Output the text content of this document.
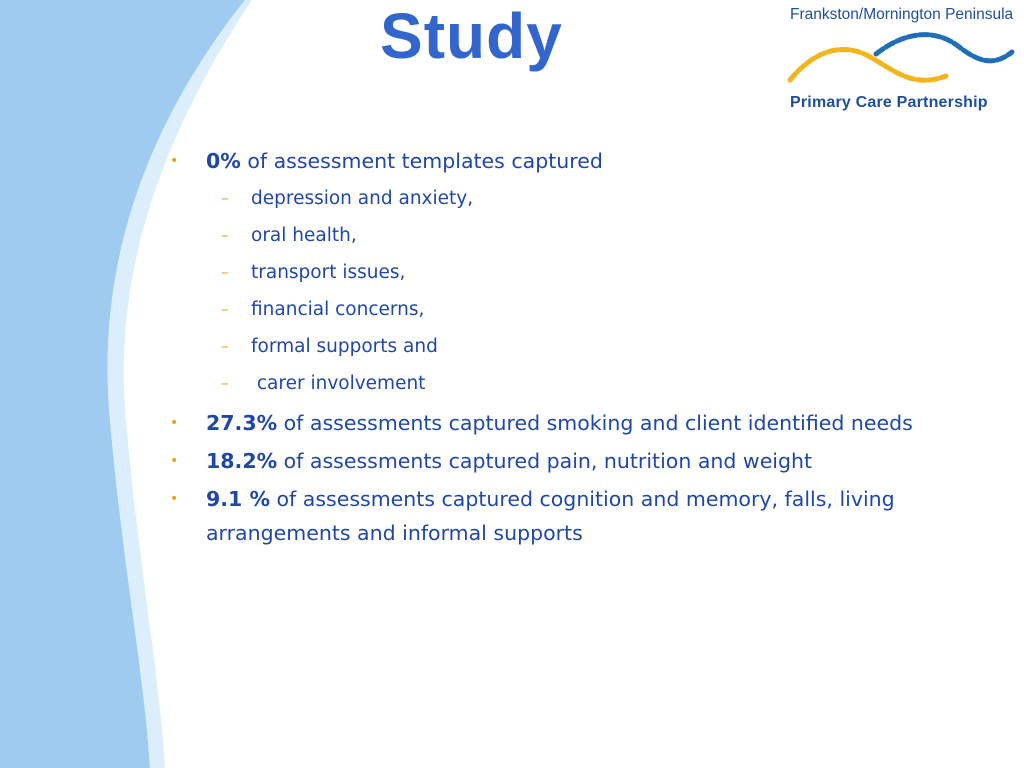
Study	Frankston/Mornington Peninsula
Primary Care Partnership
• 0% of assessment templates captured
– depression and anxiety,
– oral health,
– transport issues,
– financial concerns,
– formal supports and
– carer involvement
• 27.3% of assessments captured smoking and client identified needs
• 18.2% of assessments captured pain, nutrition and weight
• 9.1 % of assessments captured cognition and memory, falls, living arrangements and informal supports
